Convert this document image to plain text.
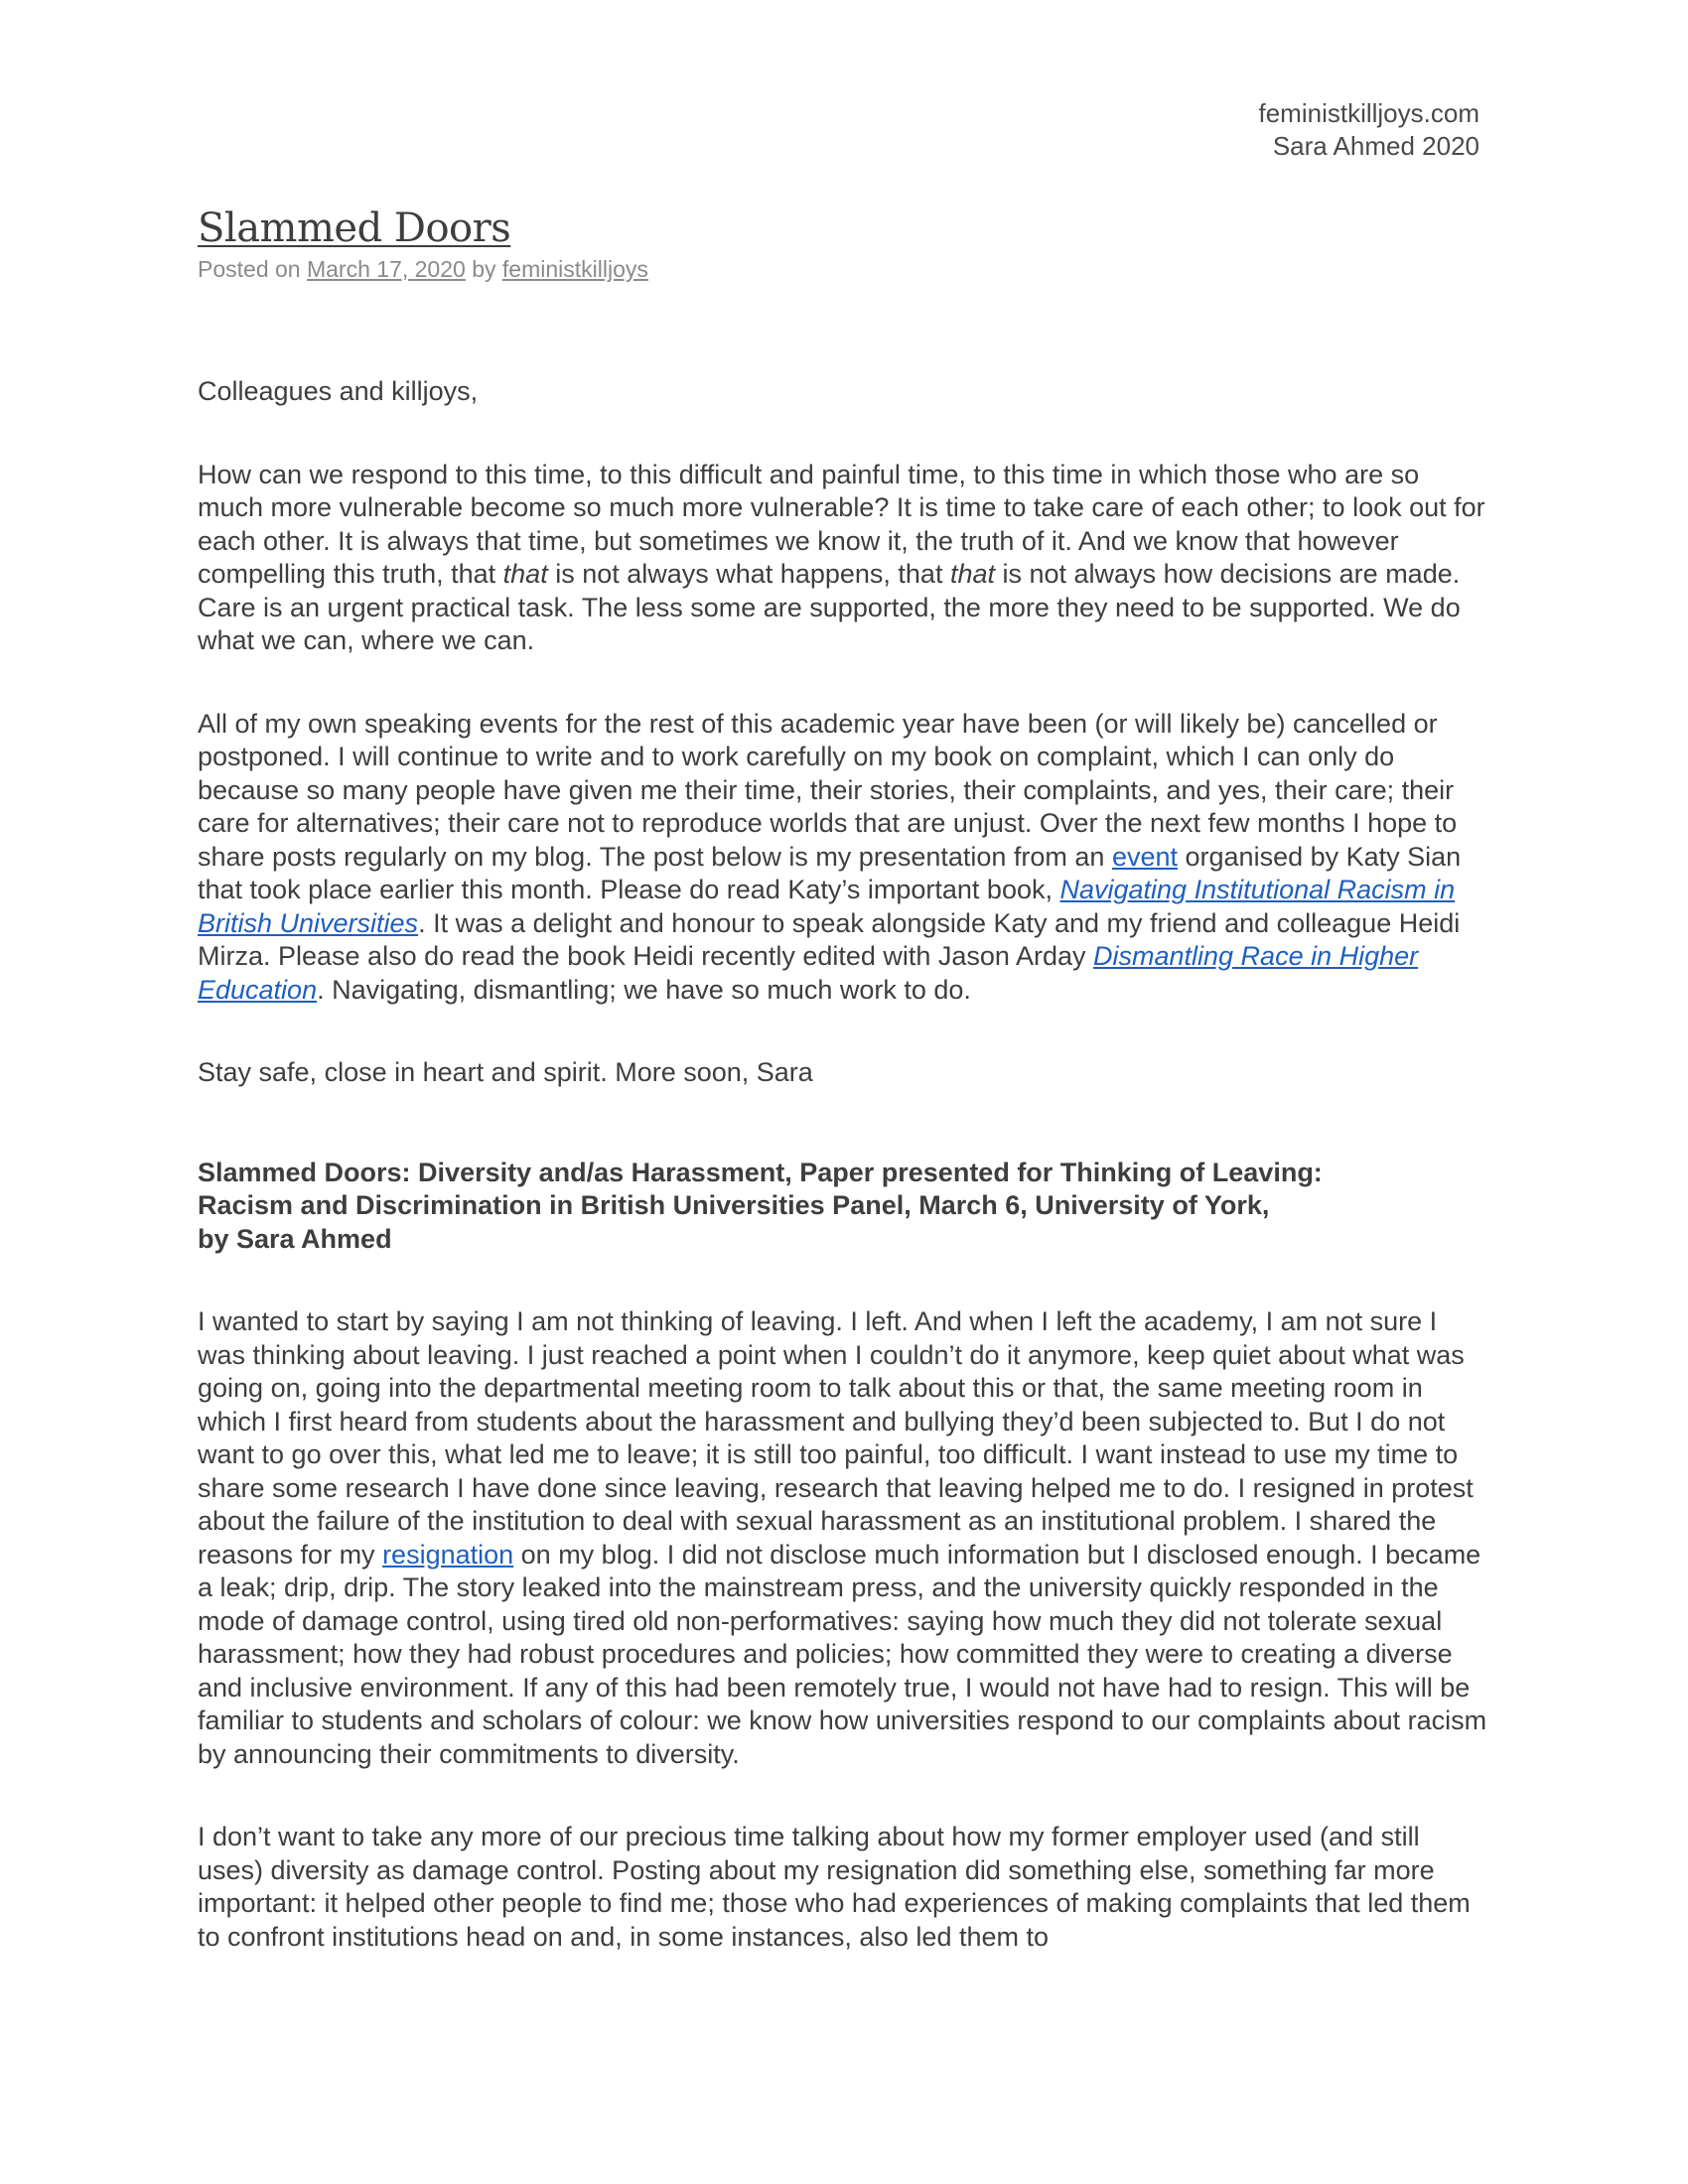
feministkilljoys.com
Sara Ahmed 2020
Slammed Doors
Posted on March 17, 2020 by feministkilljoys

Colleagues and killjoys,

How can we respond to this time, to this difficult and painful time, to this time in which those who are so much more vulnerable become so much more vulnerable? It is time to take care of each other; to look out for each other. It is always that time, but sometimes we know it, the truth of it. And we know that however compelling this truth, that that is not always what happens, that that is not always how decisions are made. Care is an urgent practical task. The less some are supported, the more they need to be supported. We do what we can, where we can.

All of my own speaking events for the rest of this academic year have been (or will likely be) cancelled or postponed. I will continue to write and to work carefully on my book on complaint, which I can only do because so many people have given me their time, their stories, their complaints, and yes, their care; their care for alternatives; their care not to reproduce worlds that are unjust. Over the next few months I hope to share posts regularly on my blog. The post below is my presentation from an event organised by Katy Sian that took place earlier this month. Please do read Katy’s important book, Navigating Institutional Racism in British Universities. It was a delight and honour to speak alongside Katy and my friend and colleague Heidi Mirza. Please also do read the book Heidi recently edited with Jason Arday Dismantling Race in Higher Education. Navigating, dismantling; we have so much work to do.

Stay safe, close in heart and spirit. More soon, Sara

Slammed Doors: Diversity and/as Harassment, Paper presented for Thinking of Leaving:
Racism and Discrimination in British Universities Panel, March 6, University of York,
by Sara Ahmed

I wanted to start by saying I am not thinking of leaving. I left. And when I left the academy, I am not sure I was thinking about leaving. I just reached a point when I couldn’t do it anymore, keep quiet about what was going on, going into the departmental meeting room to talk about this or that, the same meeting room in which I first heard from students about the harassment and bullying they’d been subjected to. But I do not want to go over this, what led me to leave; it is still too painful, too difficult. I want instead to use my time to share some research I have done since leaving, research that leaving helped me to do. I resigned in protest about the failure of the institution to deal with sexual harassment as an institutional problem. I shared the reasons for my resignation on my blog. I did not disclose much information but I disclosed enough. I became a leak; drip, drip. The story leaked into the mainstream press, and the university quickly responded in the mode of damage control, using tired old non-performatives: saying how much they did not tolerate sexual harassment; how they had robust procedures and policies; how committed they were to creating a diverse and inclusive environment. If any of this had been remotely true, I would not have had to resign. This will be familiar to students and scholars of colour: we know how universities respond to our complaints about racism by announcing their commitments to diversity.

I don’t want to take any more of our precious time talking about how my former employer used (and still uses) diversity as damage control. Posting about my resignation did something else, something far more important: it helped other people to find me; those who had experiences of making complaints that led them to confront institutions head on and, in some instances, also led them to
